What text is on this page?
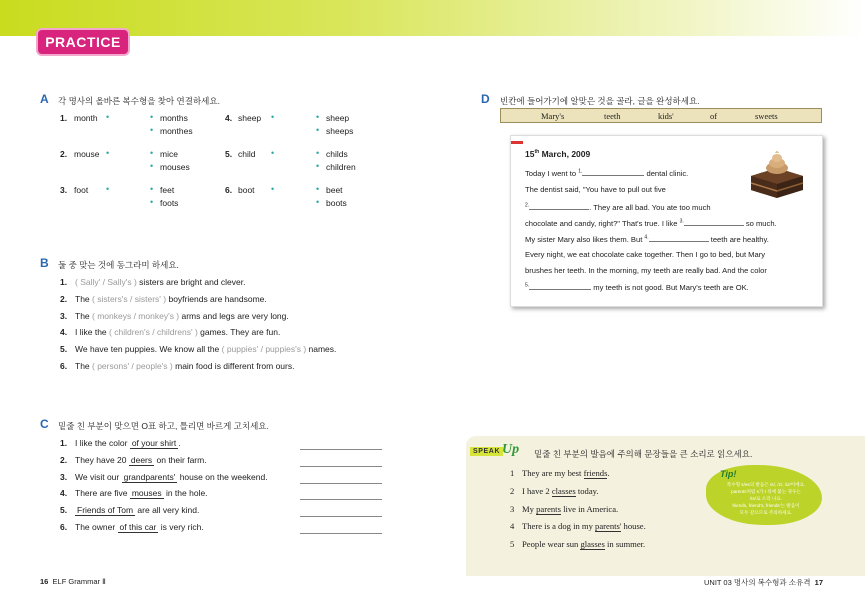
PRACTICE
A 각 명사의 올바른 복수형을 찾아 연결하세요.
1. month •	• months
• monthes
2. mouse •	• mice
• mouses
3. foot •	• feet
• foots
4. sheep •	• sheep
• sheeps
5. child •	• childs
• children
6. boot •	• beet
• boots
B 둘 중 맞는 것에 동그라미 하세요.
1. ( Sally' / Sally's ) sisters are bright and clever.
2. The ( sisters's / sisters' ) boyfriends are handsome.
3. The ( monkeys / monkey's ) arms and legs are very long.
4. I like the ( children's / childrens' ) games. They are fun.
5. We have ten puppies. We know all the ( puppies' / puppies's ) names.
6. The ( persons' / people's ) main food is different from ours.
C 밑줄 친 부분이 맞으면 O표 하고, 틀리면 바르게 고치세요.
1. I like the color of your shirt .
2. They have 20 deers on their farm.
3. We visit our grandparents' house on the weekend.
4. There are five mouses in the hole.
5. Friends of Tom are all very kind.
6. The owner of this car is very rich.
D 빈칸에 들어가기에 알맞은 것을 골라, 글을 완성하세요.
Mary's	teeth	kids'	of	sweets
15th March, 2009
Today I went to $^{1.}$	dental clinic.
The dentist said, "You have to pull out five
$^{2.}$	. They are all bad. You ate too much
chocolate and candy, right?" That's true. I like $^{3.}$	so much.
My sister Mary also likes them. But $^{4.}$	teeth are healthy.
Every night, we eat chocolate cake together. Then I go to bed, but Mary
brushes her teeth. In the morning, my teeth are really bad. And the color
$^{5.}$	my teeth is not good. But Mary's teeth are OK.
SPEAK Up 밑줄 친 부분의 발음에 주의해 문장들을 큰 소리로 읽으세요.
1 They are my best friends.
2 I have 2 classes today.
3 My parents live in America.
4 There is a dog in my parents' house.
5 People wear sun glasses in summer.
Tip!
복수형 s/es의 발음은 /s/, /z/, /iz/이에요.
parents처럼 s가 t 뒤에 붙는 경우는
/ts/로 소리 나요.
friends, friend's, friends'는 발음이
모두 같으므로 주의하세요.
16 ELF Grammar Ⅱ	UNIT 03 명사의 복수형과 소유격 17
